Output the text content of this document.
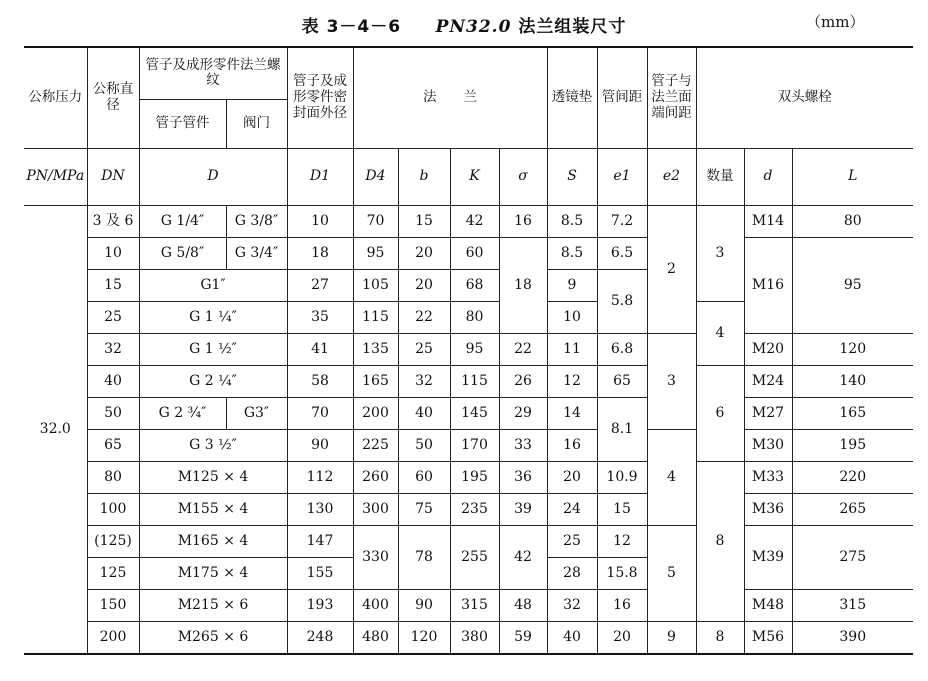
表 3－4－6 PN32.0 法兰组装尺寸	（mm）
公称压力	公称直径	管子及成形零件法兰螺纹		管子及成形零件密封面外径	法　　兰				透镜垫	管间距	管子与法兰面端间距	双头螺栓		
		管子管件	阀门											
PN/MPa	DN	D		D1	D4	b	K	σ	S	e1	e2	数量	d	L
32.0	3 及 6	G 1/4″	G 3/8″	10	70	15	42	16	8.5	7.2	2	3	M14	80
	10	G 5/8″	G 3/4″	18	95	20	60	18	8.5	6.5			M16	95
	15	G1″		27	105	20	68		9	5.8				
	25	G 1 ¼″		35	115	22	80		10			4		
	32	G 1 ½″		41	135	25	95	22	11	6.8	3		M20	120
	40	G 2 ¼″		58	165	32	115	26	12	65		6	M24	140
	50	G 2 ¾″	G3″	70	200	40	145	29	14	8.1			M27	165
	65	G 3 ½″		90	225	50	170	33	16		4		M30	195
	80	M125 × 4		112	260	60	195	36	20	10.9		8	M33	220
	100	M155 × 4		130	300	75	235	39	24	15			M36	265
	(125)	M165 × 4		147	330	78	255	42	25	12	5		M39	275
	125	M175 × 4		155					28	15.8				
	150	M215 × 6		193	400	90	315	48	32	16			M48	315
	200	M265 × 6		248	480	120	380	59	40	20	9	8	M56	390
